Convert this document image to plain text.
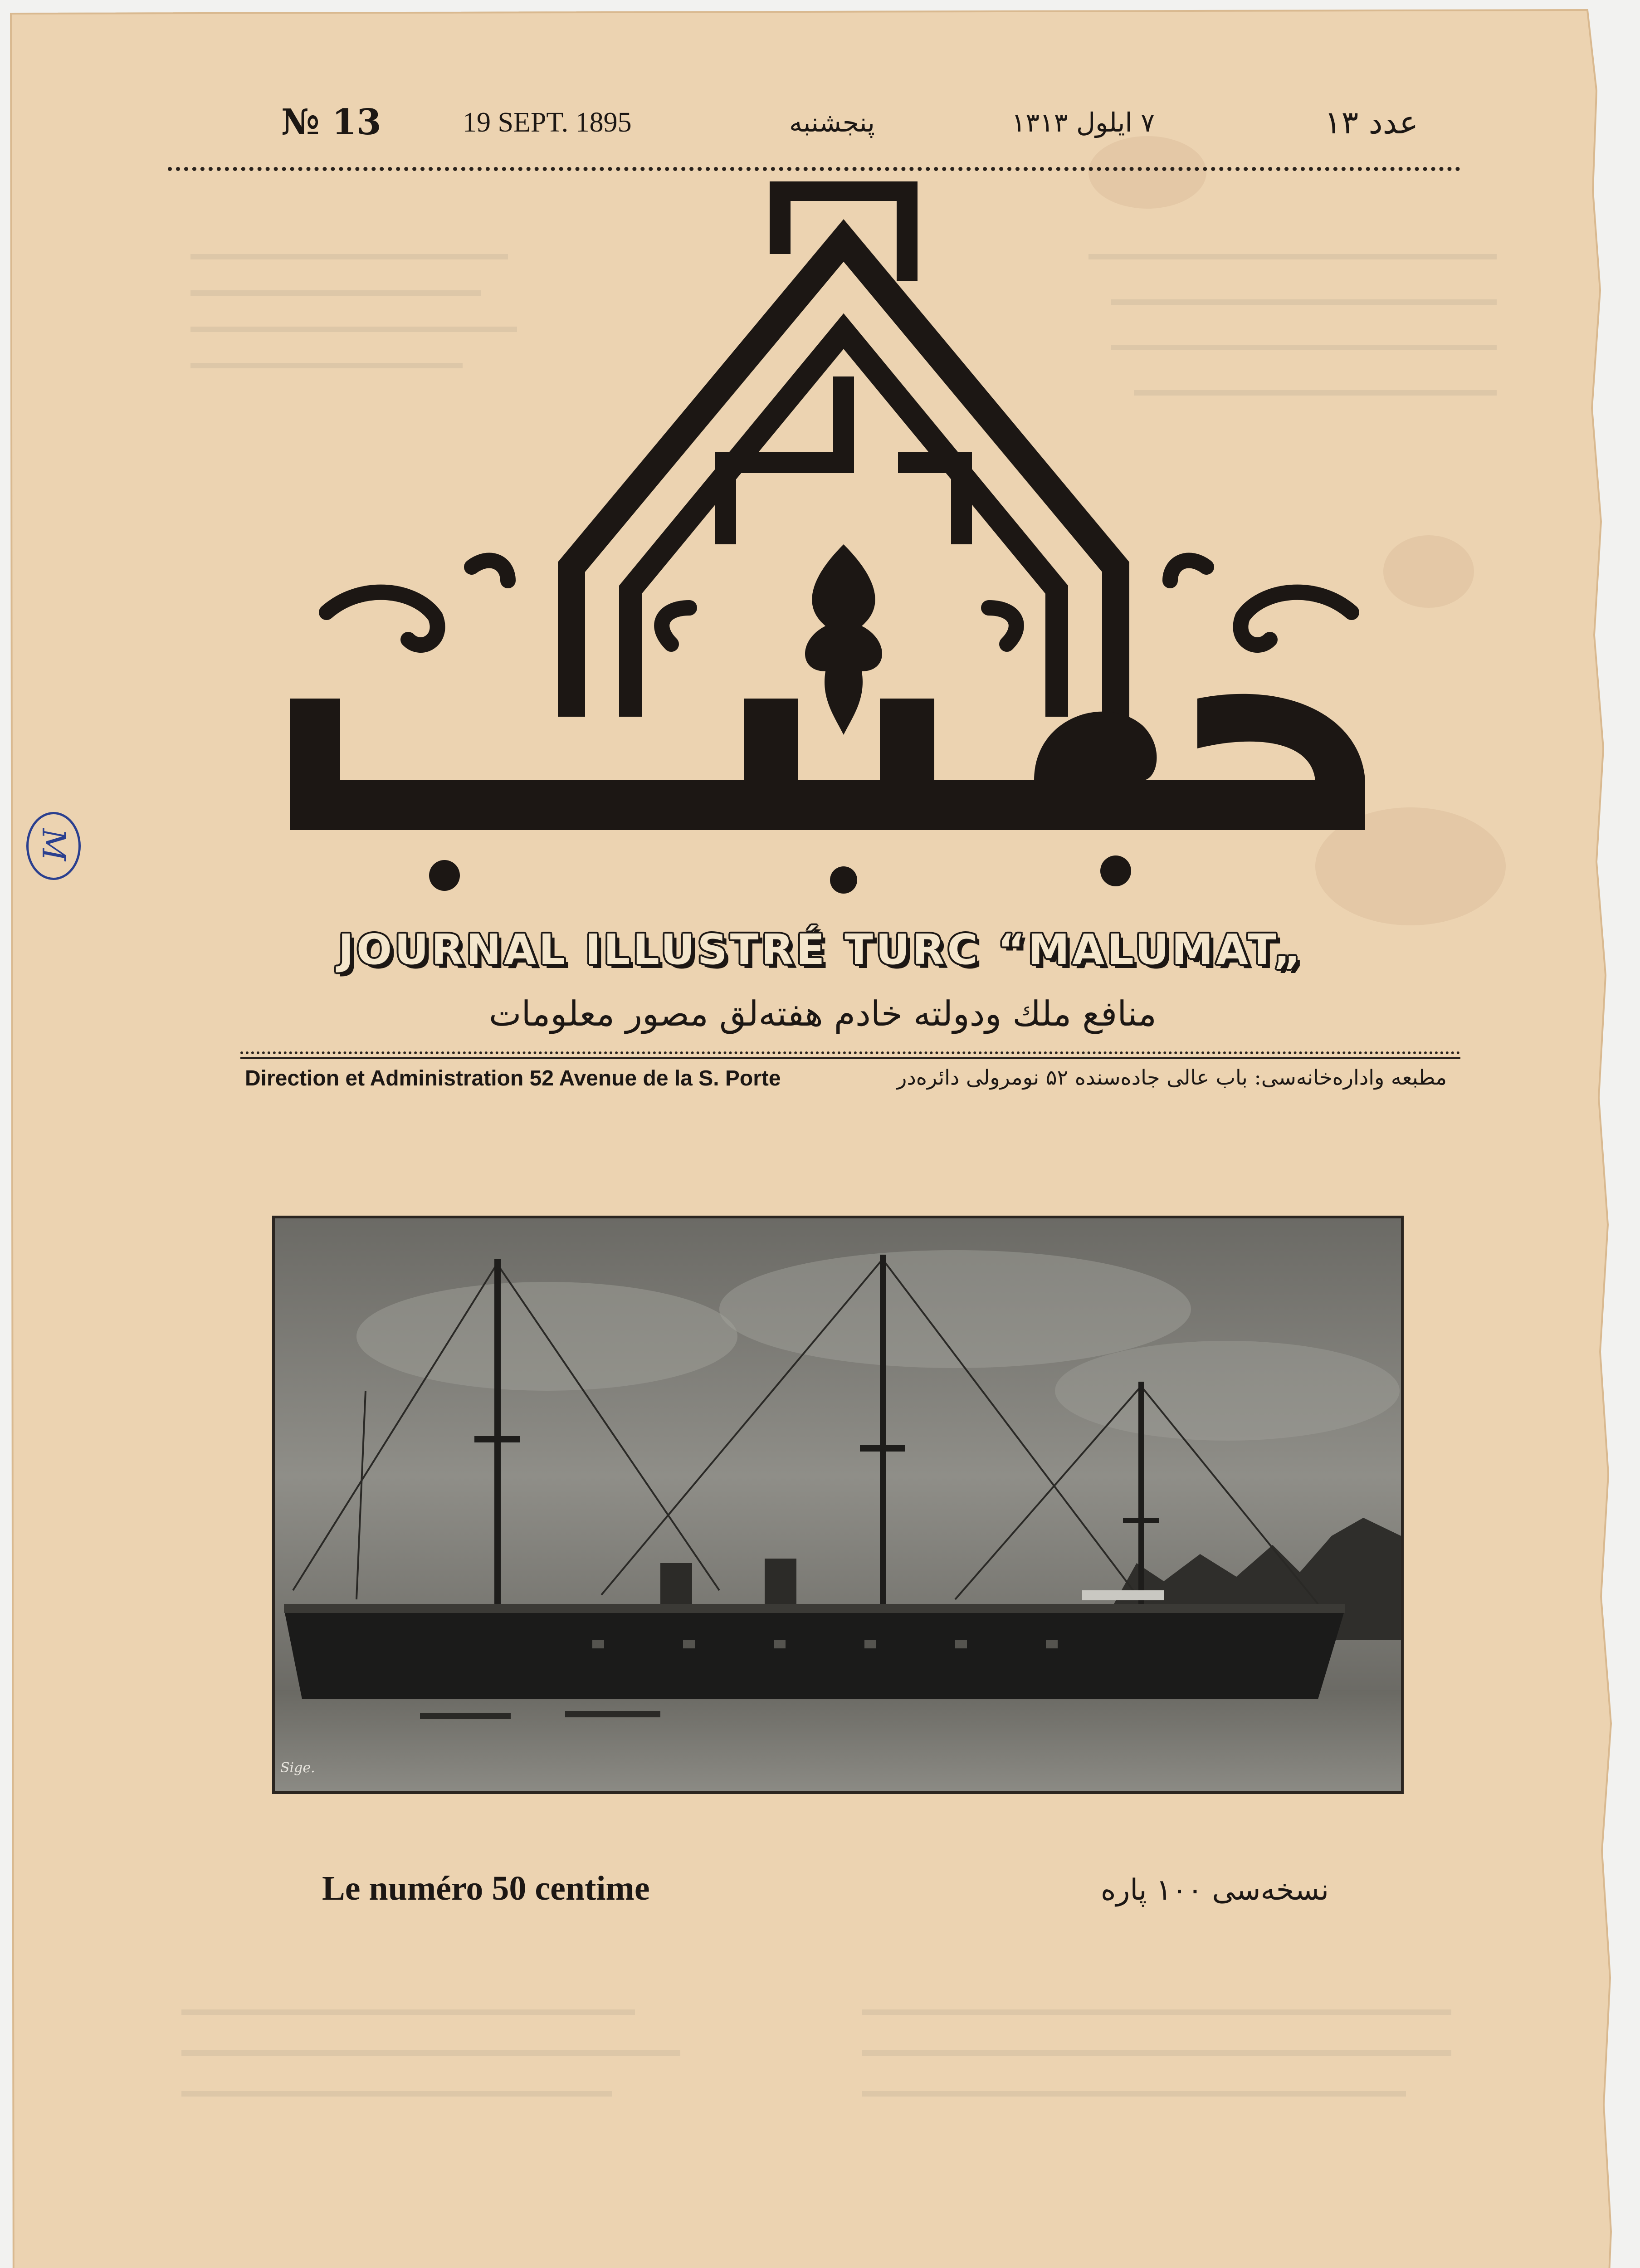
№ 13	19 SEPT. 1895	پنجشنبه	۷ ايلول ۱۳۱۳	عدد ۱۳
JOURNAL ILLUSTRÉ TURC “MALUMAT„
منافع ملك ودولته خادم هفته‌لق مصور معلومات
Direction et Administration 52 Avenue de la S. Porte	مطبعه واداره‌خانه‌سی: باب عالی جاده‌سنده ۵۲ نومرولی دائره‌در
Sige.
Le numéro 50 centime	نسخه‌سی ۱۰۰ پاره
M
